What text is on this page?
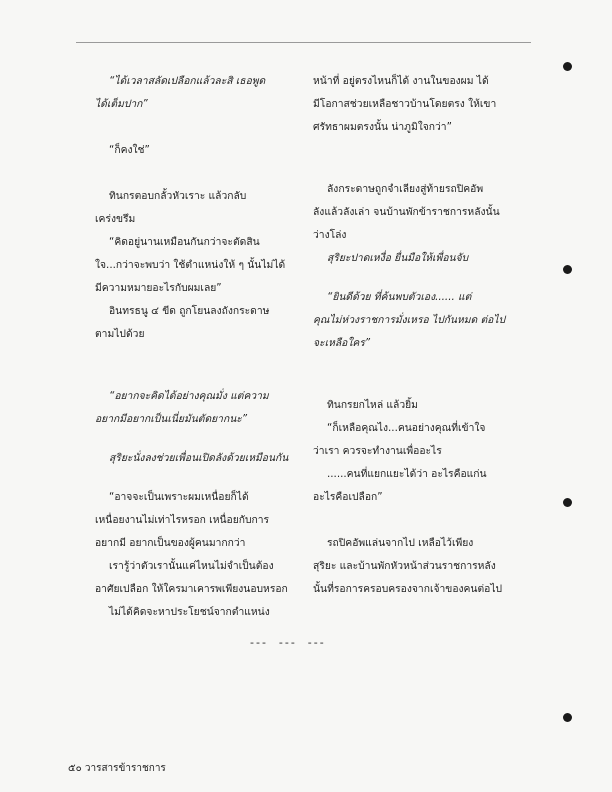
“ได้เวลาสลัดเปลือกแล้วละสิ เธอพูด

ได้เต็มปาก”

“ก็คงใช่”

ทินกรตอบกลั้วหัวเราะ แล้วกลับ

เคร่งขรึม

“คิดอยู่นานเหมือนกันกว่าจะตัดสิน

ใจ...กว่าจะพบว่า ใช้ตำแหน่งให้ ๆ นั้นไม่ได้

มีความหมายอะไรกับผมเลย”

อินทรธนู ๔ ขีด ถูกโยนลงถังกระดาษ

ตามไปด้วย

“อยากจะคิดได้อย่างคุณมั่ง แต่ความ

อยากมีอยากเป็นเนี่ยมันตัดยากนะ”

สุริยะนั่งลงช่วยเพื่อนเปิดลังด้วยเหมือนกัน

“อาจจะเป็นเพราะผมเหนื่อยก็ได้

เหนื่อยงานไม่เท่าไรหรอก เหนื่อยกับการ

อยากมี อยากเป็นของผู้คนมากกว่า

เรารู้ว่าตัวเรานั้นแค่ไหนไม่จำเป็นต้อง

อาศัยเปลือก ให้ใครมาเคารพเพียงนอบหรอก

ไม่ได้คิดจะหาประโยชน์จากตำแหน่ง

หน้าที่ อยู่ตรงไหนก็ได้ งานในของผม ได้

มีโอกาสช่วยเหลือชาวบ้านโดยตรง ให้เขา

ศรัทธาผมตรงนั้น น่าภูมิใจกว่า”

ลังกระดาษถูกจำเลียงสู่ท้ายรถปิคอัพ

ลังแล้วลังเล่า จนบ้านพักข้าราชการหลังนั้น

ว่างโล่ง

สุริยะปาดเหงื่อ ยื่นมือให้เพื่อนจับ

“ยินดีด้วย ที่ค้นพบตัวเอง...... แต่

คุณไม่ห่วงราชการมั่งเหรอ ไปกันหมด ต่อไป

จะเหลือใคร”

ทินกรยกไหล่ แล้วยิ้ม

“ก็เหลือคุณไง...คนอย่างคุณที่เข้าใจ

ว่าเรา ควรจะทำงานเพื่ออะไร

......คนที่แยกแยะได้ว่า อะไรคือแก่น

อะไรคือเปลือก”

รถปิคอัพแล่นจากไป เหลือไว้เพียง

สุริยะ และบ้านพักหัวหน้าส่วนราชการหลัง

นั้นที่รอการครอบครองจากเจ้าของคนต่อไป

---  ---  ---
๕๐ วารสารข้าราชการ
